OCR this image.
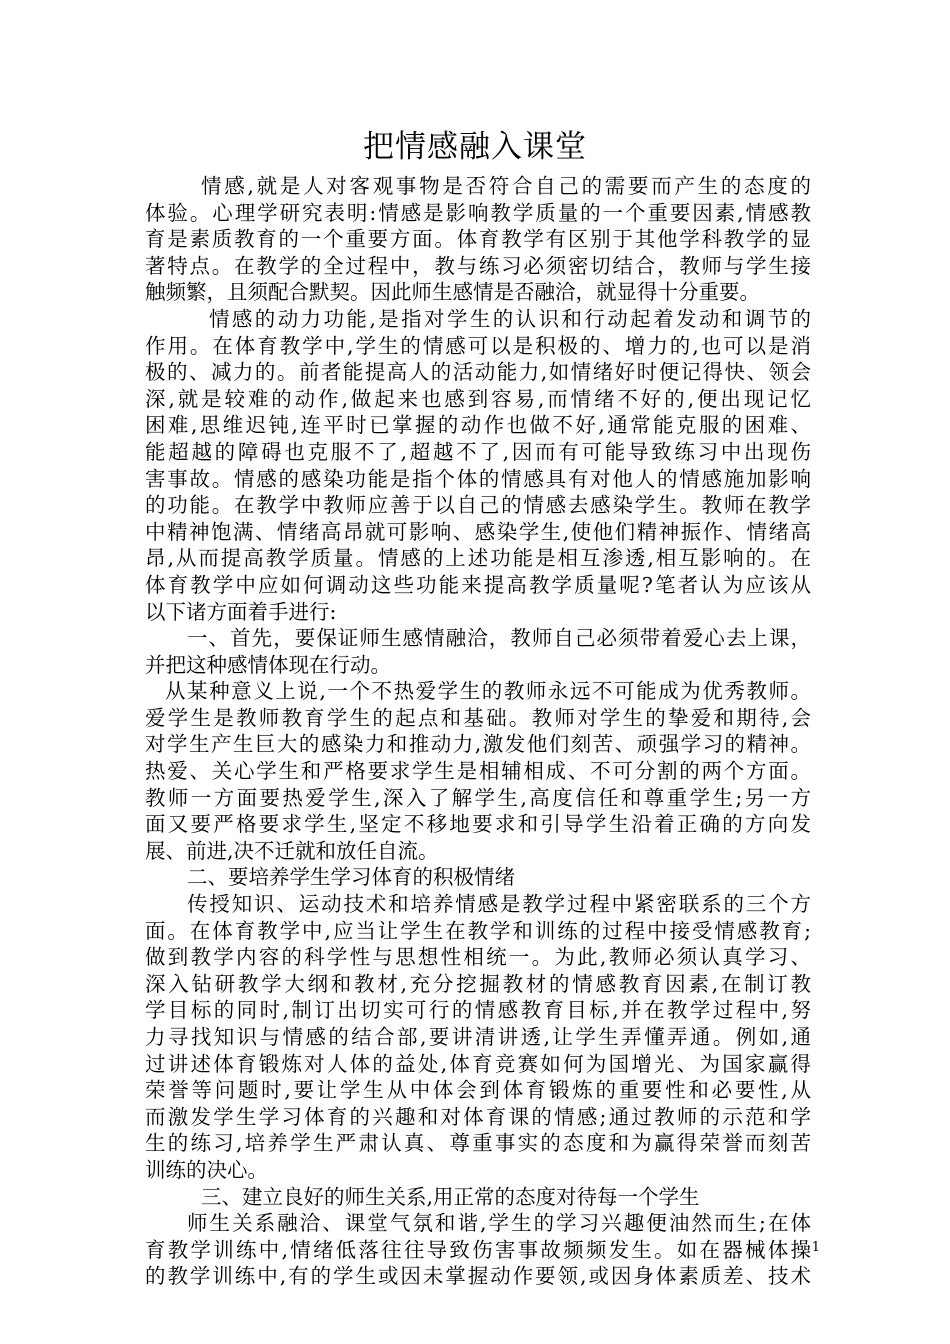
把情感融入课堂
情感,就是人对客观事物是否符合自己的需要而产生的态度的
体验。心理学研究表明:情感是影响教学质量的一个重要因素,情感教
育是素质教育的一个重要方面。体育教学有区别于其他学科教学的显
著特点。在教学的全过程中，教与练习必须密切结合，教师与学生接
触频繁，且须配合默契。因此师生感情是否融洽，就显得十分重要。
情感的动力功能,是指对学生的认识和行动起着发动和调节的
作用。在体育教学中,学生的情感可以是积极的、增力的,也可以是消
极的、减力的。前者能提高人的活动能力,如情绪好时便记得快、领会
深,就是较难的动作,做起来也感到容易,而情绪不好的,便出现记忆
困难,思维迟钝,连平时已掌握的动作也做不好,通常能克服的困难、
能超越的障碍也克服不了,超越不了,因而有可能导致练习中出现伤
害事故。情感的感染功能是指个体的情感具有对他人的情感施加影响
的功能。在教学中教师应善于以自己的情感去感染学生。教师在教学
中精神饱满、情绪高昂就可影响、感染学生,使他们精神振作、情绪高
昂,从而提高教学质量。情感的上述功能是相互渗透,相互影响的。在
体育教学中应如何调动这些功能来提高教学质量呢?笔者认为应该从
以下诸方面着手进行:
一、首先，要保证师生感情融洽，教师自己必须带着爱心去上课，
并把这种感情体现在行动。
从某种意义上说,一个不热爱学生的教师永远不可能成为优秀教师。
爱学生是教师教育学生的起点和基础。教师对学生的挚爱和期待,会
对学生产生巨大的感染力和推动力,激发他们刻苦、顽强学习的精神。
热爱、关心学生和严格要求学生是相辅相成、不可分割的两个方面。
教师一方面要热爱学生,深入了解学生,高度信任和尊重学生;另一方
面又要严格要求学生,坚定不移地要求和引导学生沿着正确的方向发
展、前进,决不迁就和放任自流。
二、要培养学生学习体育的积极情绪
传授知识、运动技术和培养情感是教学过程中紧密联系的三个方
面。在体育教学中,应当让学生在教学和训练的过程中接受情感教育;
做到教学内容的科学性与思想性相统一。为此,教师必须认真学习、
深入钻研教学大纲和教材,充分挖掘教材的情感教育因素,在制订教
学目标的同时,制订出切实可行的情感教育目标,并在教学过程中,努
力寻找知识与情感的结合部,要讲清讲透,让学生弄懂弄通。例如,通
过讲述体育锻炼对人体的益处,体育竞赛如何为国增光、为国家赢得
荣誉等问题时,要让学生从中体会到体育锻炼的重要性和必要性,从
而激发学生学习体育的兴趣和对体育课的情感;通过教师的示范和学
生的练习,培养学生严肃认真、尊重事实的态度和为赢得荣誉而刻苦
训练的决心。
三、建立良好的师生关系,用正常的态度对待每一个学生
师生关系融洽、课堂气氛和谐,学生的学习兴趣便油然而生;在体
育教学训练中,情绪低落往往导致伤害事故频频发生。如在器械体操
的教学训练中,有的学生或因未掌握动作要领,或因身体素质差、技术
1
